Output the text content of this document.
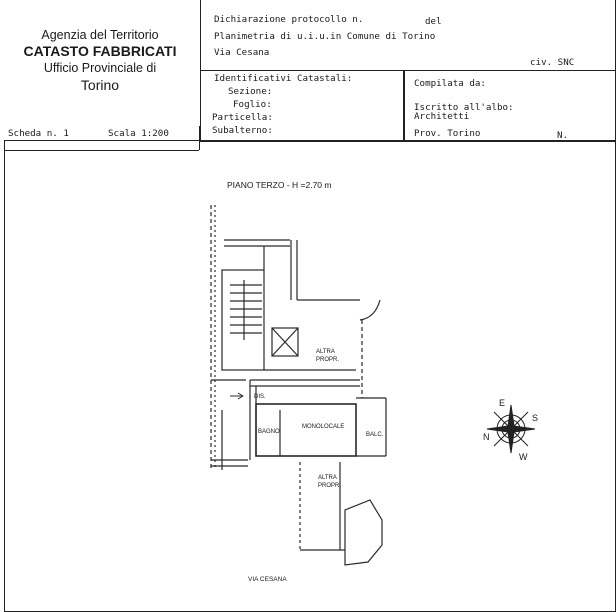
Agenzia del Territorio
CATASTO FABBRICATI
Ufficio Provinciale di
Torino
Dichiarazione protocollo n.	del
Planimetria di u.i.u.in Comune di Torino
Via Cesana
civ. SNC
Identificativi Catastali:
Sezione:
Foglio:
Particella:
Subalterno:
Compilata da:
Iscritto all'albo:
Architetti
Prov. Torino	N.
Scheda n. 1	Scala 1:200
PIANO TERZO - H =2.70 m
ALTRA
PROPR.
DIS.
BAGNO
MONOLOCALE
BALC.
ALTRA
PROPR.
VIA CESANA
E
S
N
W
